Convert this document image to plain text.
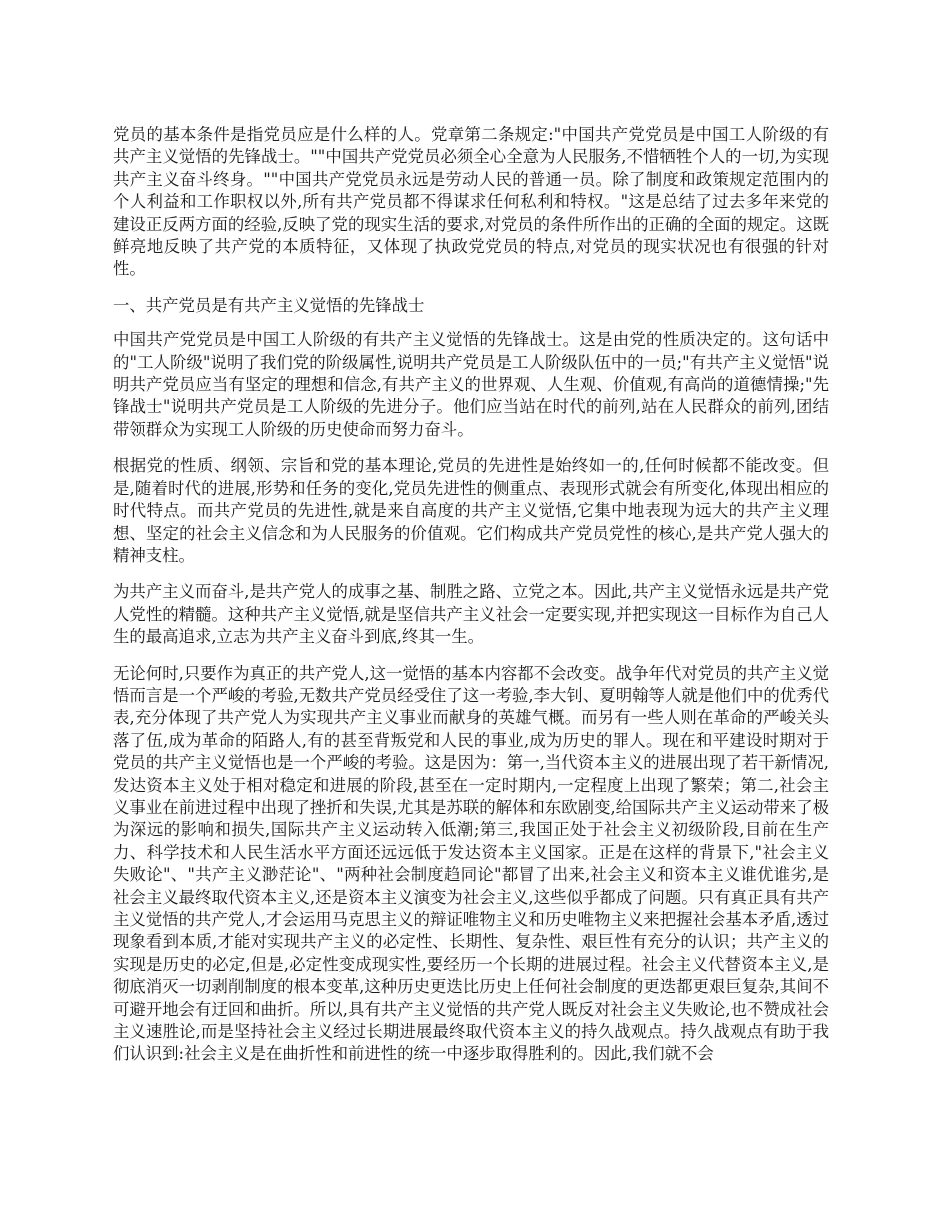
党员的基本条件是指党员应是什么样的人。党章第二条规定:"中国共产党党员是中国工人阶级的有共产主义觉悟的先锋战士。""中国共产党党员必须全心全意为人民服务,不惜牺牲个人的一切,为实现共产主义奋斗终身。""中国共产党党员永远是劳动人民的普通一员。除了制度和政策规定范围内的个人利益和工作职权以外,所有共产党员都不得谋求任何私利和特权。"这是总结了过去多年来党的建设正反两方面的经验,反映了党的现实生活的要求,对党员的条件所作出的正确的全面的规定。这既鲜亮地反映了共产党的本质特征，又体现了执政党党员的特点,对党员的现实状况也有很强的针对性。

一、共产党员是有共产主义觉悟的先锋战士

中国共产党党员是中国工人阶级的有共产主义觉悟的先锋战士。这是由党的性质决定的。这句话中的"工人阶级"说明了我们党的阶级属性,说明共产党员是工人阶级队伍中的一员;"有共产主义觉悟"说明共产党员应当有坚定的理想和信念,有共产主义的世界观、人生观、价值观,有高尚的道德情操;"先锋战士"说明共产党员是工人阶级的先进分子。他们应当站在时代的前列,站在人民群众的前列,团结带领群众为实现工人阶级的历史使命而努力奋斗。

根据党的性质、纲领、宗旨和党的基本理论,党员的先进性是始终如一的,任何时候都不能改变。但是,随着时代的进展,形势和任务的变化,党员先进性的侧重点、表现形式就会有所变化,体现出相应的时代特点。而共产党员的先进性,就是来自高度的共产主义觉悟,它集中地表现为远大的共产主义理想、坚定的社会主义信念和为人民服务的价值观。它们构成共产党员党性的核心,是共产党人强大的精神支柱。

为共产主义而奋斗,是共产党人的成事之基、制胜之路、立党之本。因此,共产主义觉悟永远是共产党人党性的精髓。这种共产主义觉悟,就是坚信共产主义社会一定要实现,并把实现这一目标作为自己人生的最高追求,立志为共产主义奋斗到底,终其一生。

无论何时,只要作为真正的共产党人,这一觉悟的基本内容都不会改变。战争年代对党员的共产主义觉悟而言是一个严峻的考验,无数共产党员经受住了这一考验,李大钊、夏明翰等人就是他们中的优秀代表,充分体现了共产党人为实现共产主义事业而献身的英雄气概。而另有一些人则在革命的严峻关头落了伍,成为革命的陌路人,有的甚至背叛党和人民的事业,成为历史的罪人。现在和平建设时期对于党员的共产主义觉悟也是一个严峻的考验。这是因为：第一,当代资本主义的进展出现了若干新情况,发达资本主义处于相对稳定和进展的阶段,甚至在一定时期内,一定程度上出现了繁荣；第二,社会主义事业在前进过程中出现了挫折和失误,尤其是苏联的解体和东欧剧变,给国际共产主义运动带来了极为深远的影响和损失,国际共产主义运动转入低潮;第三,我国正处于社会主义初级阶段,目前在生产力、科学技术和人民生活水平方面还远远低于发达资本主义国家。正是在这样的背景下,"社会主义失败论"、"共产主义渺茫论"、"两种社会制度趋同论"都冒了出来,社会主义和资本主义谁优谁劣,是社会主义最终取代资本主义,还是资本主义演变为社会主义,这些似乎都成了问题。只有真正具有共产主义觉悟的共产党人,才会运用马克思主义的辩证唯物主义和历史唯物主义来把握社会基本矛盾,透过现象看到本质,才能对实现共产主义的必定性、长期性、复杂性、艰巨性有充分的认识；共产主义的实现是历史的必定,但是,必定性变成现实性,要经历一个长期的进展过程。社会主义代替资本主义,是彻底消灭一切剥削制度的根本变革,这种历史更迭比历史上任何社会制度的更迭都更艰巨复杂,其间不可避开地会有迂回和曲折。所以,具有共产主义觉悟的共产党人既反对社会主义失败论,也不赞成社会主义速胜论,而是坚持社会主义经过长期进展最终取代资本主义的持久战观点。持久战观点有助于我们认识到:社会主义是在曲折性和前进性的统一中逐步取得胜利的。因此,我们就不会
